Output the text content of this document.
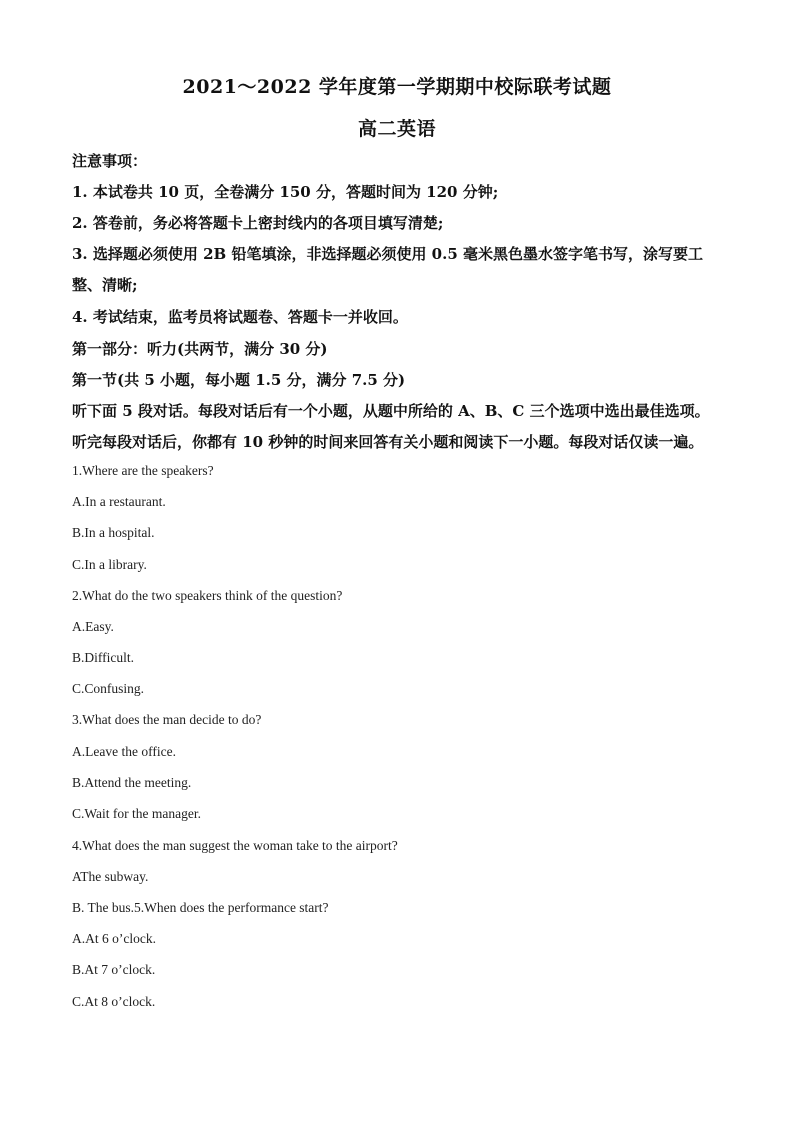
2021～2022 学年度第一学期期中校际联考试题
高二英语
注意事项：
1. 本试卷共 10 页，全卷满分 150 分，答题时间为 120 分钟;
2. 答卷前，务必将答题卡上密封线内的各项目填写清楚;
3. 选择题必须使用 2B 铅笔填涂，非选择题必须使用 0.5 毫米黑色墨水签字笔书写，涂写要工
整、清晰;
4. 考试结束，监考员将试题卷、答题卡一并收回。
第一部分：听力(共两节，满分 30 分)
第一节(共 5 小题，每小题 1.5 分，满分 7.5 分)
听下面 5 段对话。每段对话后有一个小题，从题中所给的 A、B、C 三个选项中选出最佳选项。
听完每段对话后，你都有 10 秒钟的时间来回答有关小题和阅读下一小题。每段对话仅读一遍。
1.Where are the speakers?
A.In a restaurant.
B.In a hospital.
C.In a library.
2.What do the two speakers think of the question?
A.Easy.
B.Difficult.
C.Confusing.
3.What does the man decide to do?
A.Leave the office.
B.Attend the meeting.
C.Wait for the manager.
4.What does the man suggest the woman take to the airport?
AThe subway.
B. The bus.5.When does the performance start?
A.At 6 o’clock.
B.At 7 o’clock.
C.At 8 o’clock.
